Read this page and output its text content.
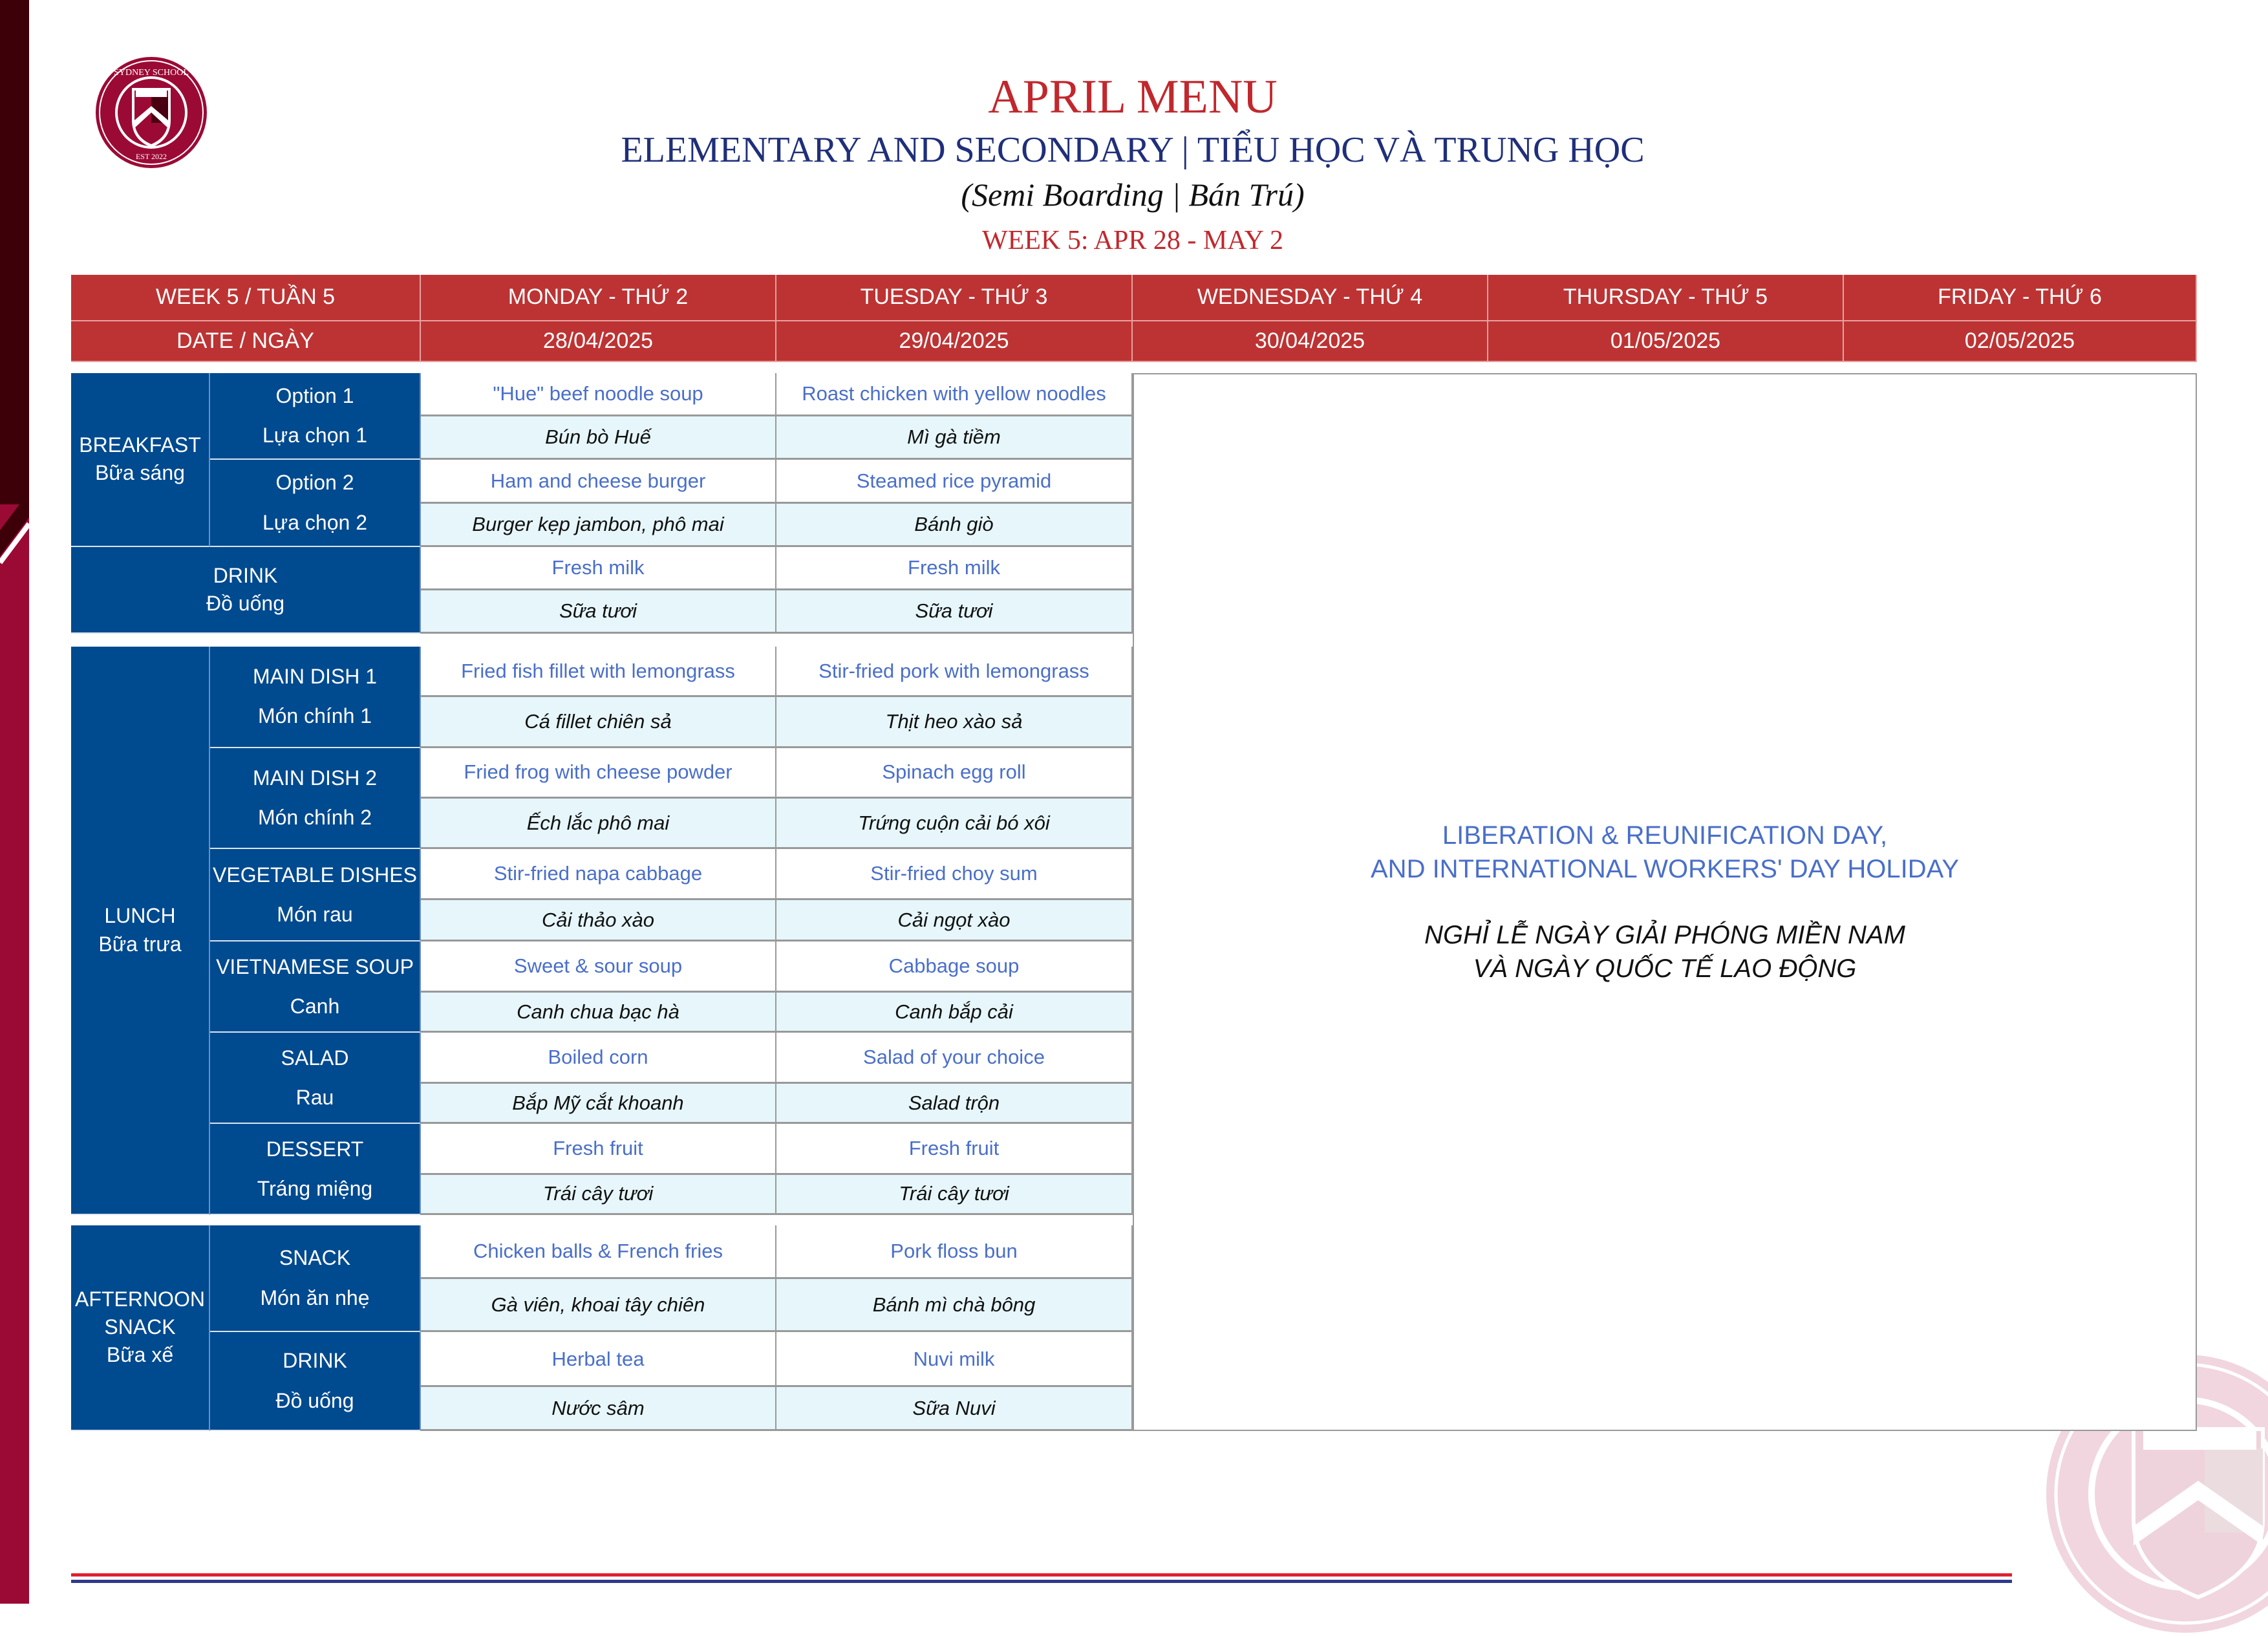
SYDNEY SCHOOL
EST 2022
APRIL MENU
ELEMENTARY AND SECONDARY | TIỂU HỌC VÀ TRUNG HỌC
(Semi Boarding | Bán Trú)
WEEK 5: APR 28 - MAY 2
WEEK 5 / TUẦN 5
DATE / NGÀY
MONDAY - THỨ 2
28/04/2025
TUESDAY - THỨ 3
29/04/2025
WEDNESDAY - THỨ 4
30/04/2025
THURSDAY - THỨ 5
01/05/2025
FRIDAY - THỨ 6
02/05/2025
BREAKFAST
Bữa sáng
Option 1
Lựa chọn 1
"Hue" beef noodle soup
Bún bò Huế
Roast chicken with yellow noodles
Mì gà tiềm
Option 2
Lựa chọn 2
Ham and cheese burger
Burger kẹp jambon, phô mai
Steamed rice pyramid
Bánh giò
DRINK
Đồ uống
Fresh milk
Sữa tươi
Fresh milk
Sữa tươi
LUNCH
Bữa trưa
MAIN DISH 1
Món chính 1
Fried fish fillet with lemongrass
Cá fillet chiên sả
Stir-fried pork with lemongrass
Thịt heo xào sả
MAIN DISH 2
Món chính 2
Fried frog with cheese powder
Ếch lắc phô mai
Spinach egg roll
Trứng cuộn cải bó xôi
VEGETABLE DISHES
Món rau
Stir-fried napa cabbage
Cải thảo xào
Stir-fried choy sum
Cải ngọt xào
VIETNAMESE SOUP
Canh
Sweet & sour soup
Canh chua bạc hà
Cabbage soup
Canh bắp cải
SALAD
Rau
Boiled corn
Bắp Mỹ cắt khoanh
Salad of your choice
Salad trộn
DESSERT
Tráng miệng
Fresh fruit
Trái cây tươi
Fresh fruit
Trái cây tươi
AFTERNOON SNACK
Bữa xế
SNACK
Món ăn nhẹ
Chicken balls & French fries
Gà viên, khoai tây chiên
Pork floss bun
Bánh mì chà bông
DRINK
Đồ uống
Herbal tea
Nước sâm
Nuvi milk
Sữa Nuvi
LIBERATION & REUNIFICATION DAY,
AND INTERNATIONAL WORKERS' DAY HOLIDAY
NGHỈ LỄ NGÀY GIẢI PHÓNG MIỀN NAM
VÀ NGÀY QUỐC TẾ LAO ĐỘNG
